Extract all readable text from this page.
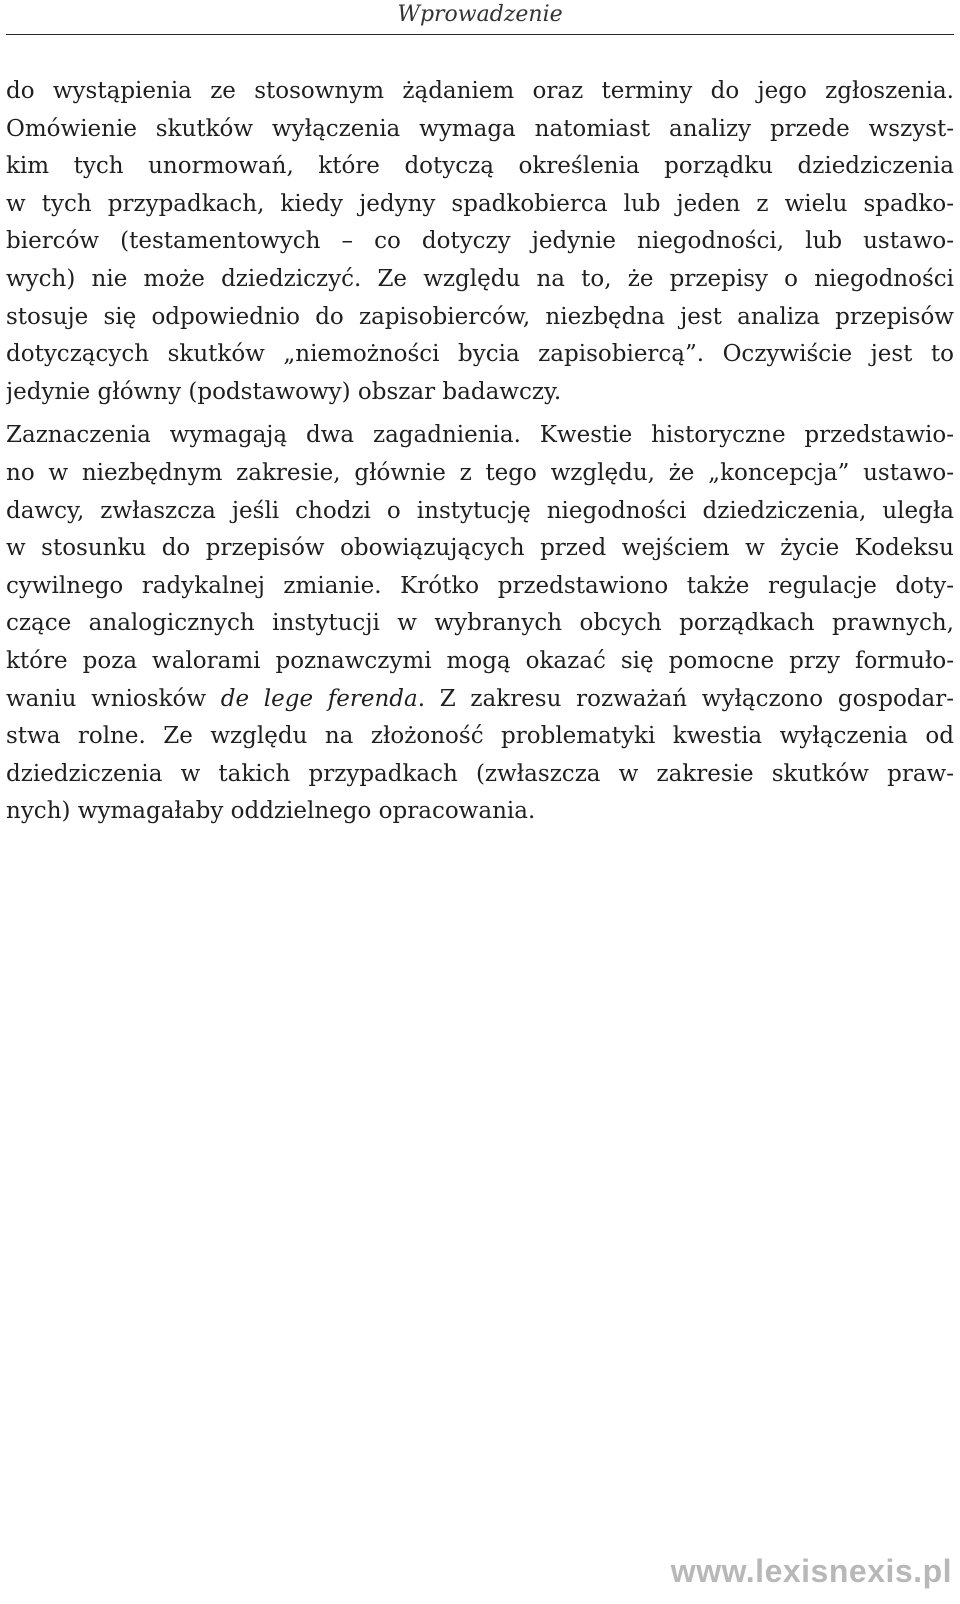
Wprowadzenie

do wystąpienia ze stosownym żądaniem oraz terminy do jego zgłoszenia.
Omówienie skutków wyłączenia wymaga natomiast analizy przede wszyst-
kim tych unormowań, które dotyczą określenia porządku dziedziczenia
w tych przypadkach, kiedy jedyny spadkobierca lub jeden z wielu spadko-
bierców (testamentowych – co dotyczy jedynie niegodności, lub ustawo-
wych) nie może dziedziczyć. Ze względu na to, że przepisy o niegodności
stosuje się odpowiednio do zapisobierców, niezbędna jest analiza przepisów
dotyczących skutków „niemożności bycia zapisobiercą”. Oczywiście jest to
jedynie główny (podstawowy) obszar badawczy.

Zaznaczenia wymagają dwa zagadnienia. Kwestie historyczne przedstawio-
no w niezbędnym zakresie, głównie z tego względu, że „koncepcja” ustawo-
dawcy, zwłaszcza jeśli chodzi o instytucję niegodności dziedziczenia, uległa
w stosunku do przepisów obowiązujących przed wejściem w życie Kodeksu
cywilnego radykalnej zmianie. Krótko przedstawiono także regulacje doty-
czące analogicznych instytucji w wybranych obcych porządkach prawnych,
które poza walorami poznawczymi mogą okazać się pomocne przy formuło-
waniu wniosków de lege ferenda. Z zakresu rozważań wyłączono gospodar-
stwa rolne. Ze względu na złożoność problematyki kwestia wyłączenia od
dziedziczenia w takich przypadkach (zwłaszcza w zakresie skutków praw-
nych) wymagałaby oddzielnego opracowania.

www.lexisnexis.pl
